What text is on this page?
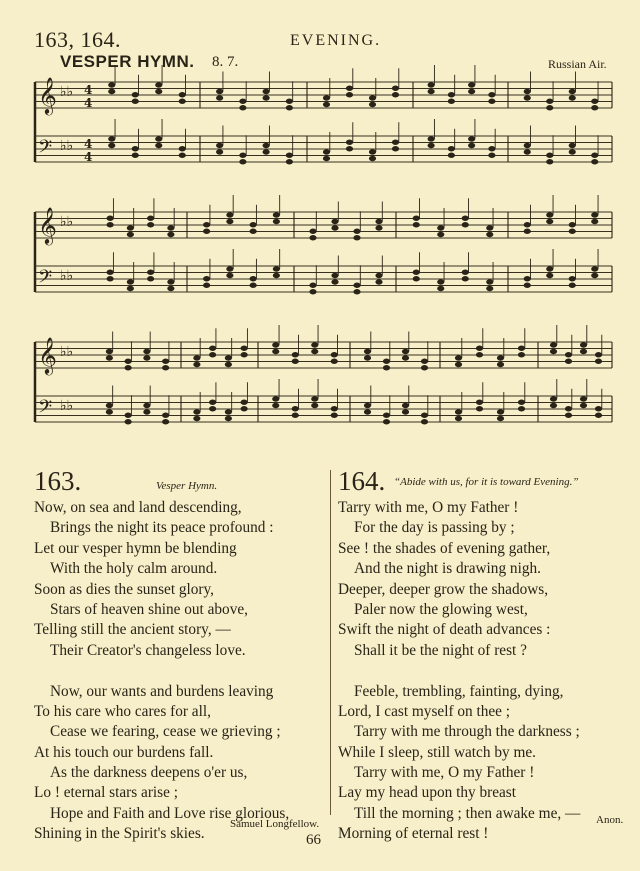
163, 164.	EVENING.
VESPER HYMN. 8. 7.	Russian Air.
𝄞 ♭♭ 4
4
𝄢 ♭♭ 4
4
𝄞 ♭♭
𝄢 ♭♭
𝄞 ♭♭
𝄢 ♭♭
163.	Vesper Hymn.
Now, on sea and land descending,
Brings the night its peace profound :
Let our vesper hymn be blending
With the holy calm around.
Soon as dies the sunset glory,
Stars of heaven shine out above,
Telling still the ancient story, —
Their Creator's changeless love.
Now, our wants and burdens leaving
To his care who cares for all,
Cease we fearing, cease we grieving ;
At his touch our burdens fall.
As the darkness deepens o'er us,
Lo ! eternal stars arise ;
Hope and Faith and Love rise glorious,
Shining in the Spirit's skies.
Samuel Longfellow.
164. “Abide with us, for it is toward Evening.”
Tarry with me, O my Father !
For the day is passing by ;
See ! the shades of evening gather,
And the night is drawing nigh.
Deeper, deeper grow the shadows,
Paler now the glowing west,
Swift the night of death advances :
Shall it be the night of rest ?
Feeble, trembling, fainting, dying,
Lord, I cast myself on thee ;
Tarry with me through the darkness ;
While I sleep, still watch by me.
Tarry with me, O my Father !
Lay my head upon thy breast
Till the morning ; then awake me, —
Morning of eternal rest !
Anon.
66
